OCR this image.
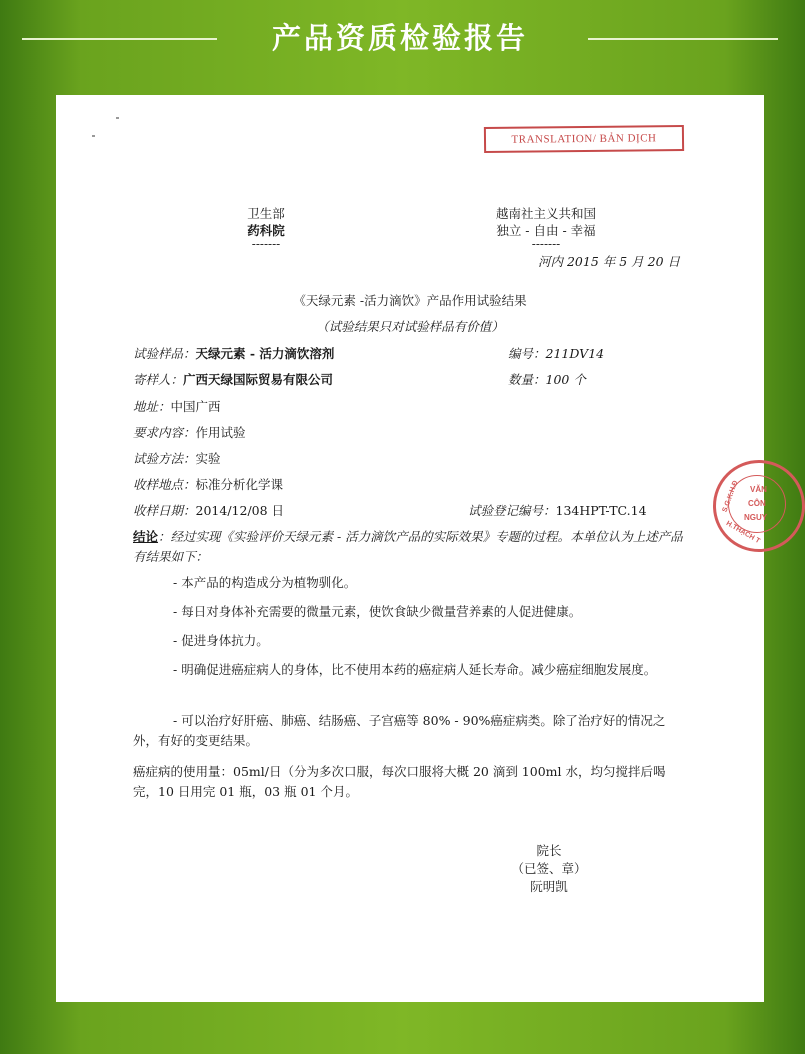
产品资质检验报告
TRANSLATION/ BẢN DỊCH
卫生部
药科院
-------
越南社主义共和国
独立 - 自由 - 幸福
-------
河内 2015 年 5 月 20 日
《天绿元素 -活力滴饮》产品作用试验结果
（试验结果只对试验样品有价值）
试验样品：天绿元素 - 活力滴饮溶剂
寄样人：广西天绿国际贸易有限公司
地址：中国广西
要求内容：作用试验
试验方法：实验
收样地点：标准分析化学课
收样日期：2014/12/08 日
编号：211DV14
数量：100 个
试验登记编号：134HPT-TC.14
结论：经过实现《实验评价天绿元素 - 活力滴饮产品的实际效果》专题的过程。本单位认为上述产品有结果如下：
- 本产品的构造成分为植物驯化。
- 每日对身体补充需要的微量元素，使饮食缺少微量营养素的人促进健康。
- 促进身体抗力。
- 明确促进癌症病人的身体，比不使用本药的癌症病人延长寿命。减少癌症细胞发展度。
- 可以治疗好肝癌、肺癌、结肠癌、子宫癌等 80% - 90%癌症病类。除了治疗好的情况之外，有好的变更结果。
癌症病的使用量：05ml/日（分为多次口服，每次口服将大概 20 滴到 100ml 水，均匀搅拌后喝完，10 日用完 01 瓶，03 瓶 01 个月。
院长
（已签、章）
阮明凯
VĂN
CÔN
NGUY
S.G.K.H.Đ
H.THẠCH T
